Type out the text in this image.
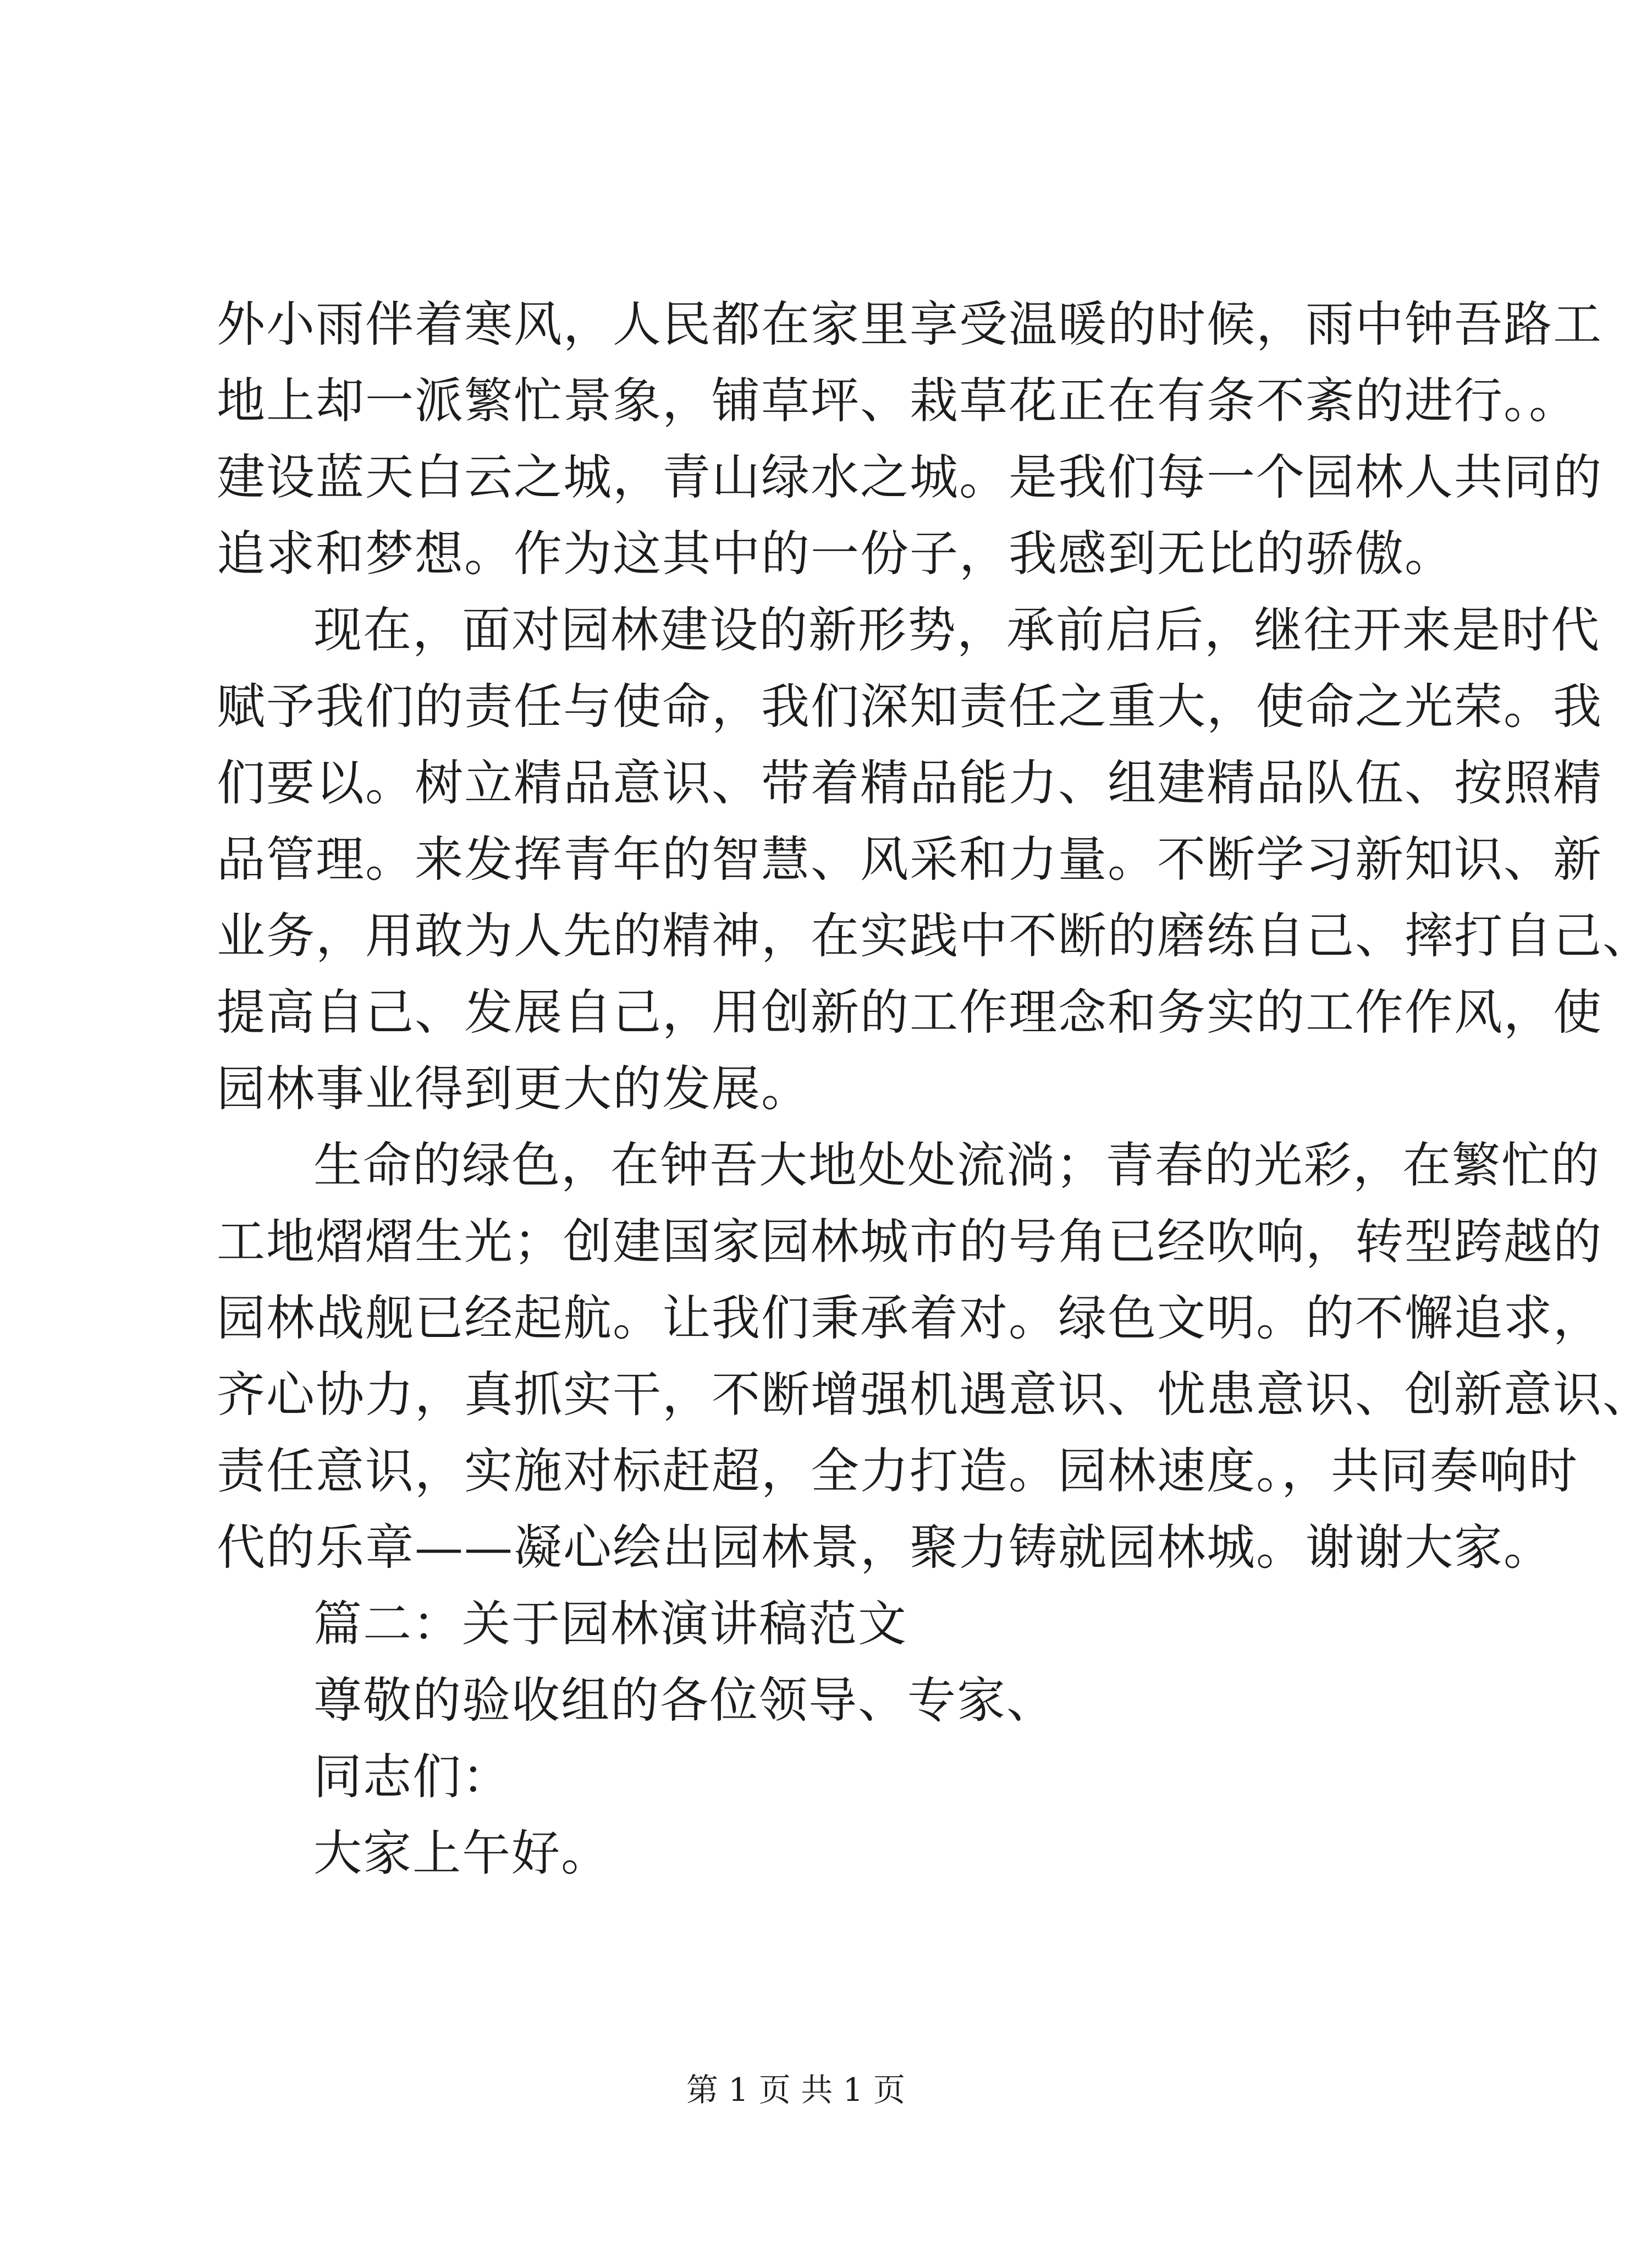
外小雨伴着寒风，人民都在家里享受温暖的时候，雨中钟吾路工
地上却一派繁忙景象，铺草坪、栽草花正在有条不紊的进行。。
建设蓝天白云之城，青山绿水之城。是我们每一个园林人共同的
追求和梦想。作为这其中的一份子，我感到无比的骄傲。
现在，面对园林建设的新形势，承前启后，继往开来是时代
赋予我们的责任与使命，我们深知责任之重大，使命之光荣。我
们要以。树立精品意识、带着精品能力、组建精品队伍、按照精
品管理。来发挥青年的智慧、风采和力量。不断学习新知识、新
业务，用敢为人先的精神，在实践中不断的磨练自己、摔打自己、
提高自己、发展自己，用创新的工作理念和务实的工作作风，使
园林事业得到更大的发展。
生命的绿色，在钟吾大地处处流淌；青春的光彩，在繁忙的
工地熠熠生光；创建国家园林城市的号角已经吹响，转型跨越的
园林战舰已经起航。让我们秉承着对。绿色文明。的不懈追求，
齐心协力，真抓实干，不断增强机遇意识、忧患意识、创新意识、
责任意识，实施对标赶超，全力打造。园林速度。，共同奏响时
代的乐章——凝心绘出园林景，聚力铸就园林城。谢谢大家。
篇二：关于园林演讲稿范文
尊敬的验收组的各位领导、专家、
同志们：
大家上午好。
第 1 页 共 1 页
